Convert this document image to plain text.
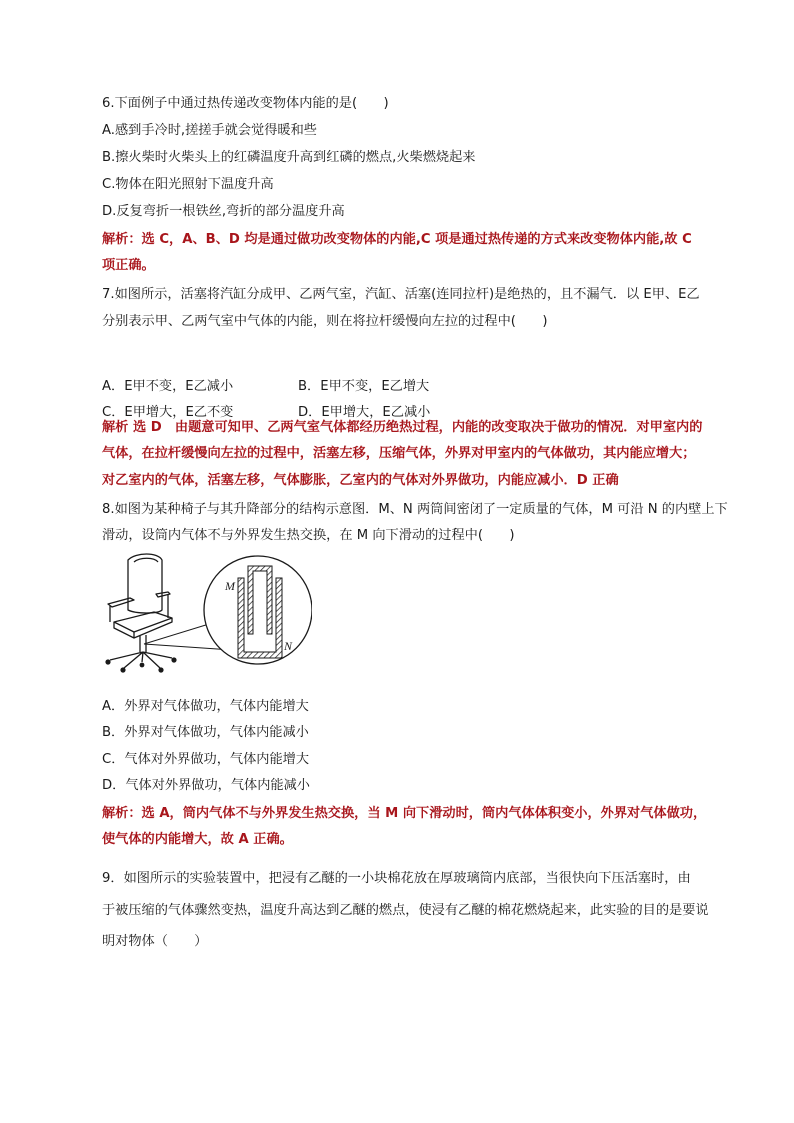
6.下面例子中通过热传递改变物体内能的是(　　)

A.感到手冷时,搓搓手就会觉得暖和些

B.擦火柴时火柴头上的红磷温度升高到红磷的燃点,火柴燃烧起来

C.物体在阳光照射下温度升高

D.反复弯折一根铁丝,弯折的部分温度升高

解析：选 C，A、B、D 均是通过做功改变物体的内能,C 项是通过热传递的方式来改变物体内能,故 C

项正确。

7.如图所示，活塞将汽缸分成甲、乙两气室，汽缸、活塞(连同拉杆)是绝热的，且不漏气．以 E甲、E乙

分别表示甲、乙两气室中气体的内能，则在将拉杆缓慢向左拉的过程中(　　)

A．E甲不变，E乙减小	B．E甲不变，E乙增大

C．E甲增大，E乙不变	D．E甲增大，E乙减小

解析 选 D　由题意可知甲、乙两气室气体都经历绝热过程，内能的改变取决于做功的情况．对甲室内的

气体，在拉杆缓慢向左拉的过程中，活塞左移，压缩气体，外界对甲室内的气体做功，其内能应增大；

对乙室内的气体，活塞左移，气体膨胀，乙室内的气体对外界做功，内能应减小．D 正确

8.如图为某种椅子与其升降部分的结构示意图．M、N 两筒间密闭了一定质量的气体，M 可沿 N 的内壁上下

滑动，设筒内气体不与外界发生热交换，在 M 向下滑动的过程中(　　)

M
N

A．外界对气体做功，气体内能增大

B．外界对气体做功，气体内能减小

C．气体对外界做功，气体内能增大

D．气体对外界做功，气体内能减小

解析：选 A，筒内气体不与外界发生热交换，当 M 向下滑动时，筒内气体体积变小，外界对气体做功，

使气体的内能增大，故 A 正确。

9．如图所示的实验装置中，把浸有乙醚的一小块棉花放在厚玻璃筒内底部，当很快向下压活塞时，由

于被压缩的气体骤然变热，温度升高达到乙醚的燃点，使浸有乙醚的棉花燃烧起来，此实验的目的是要说

明对物体（　　）
